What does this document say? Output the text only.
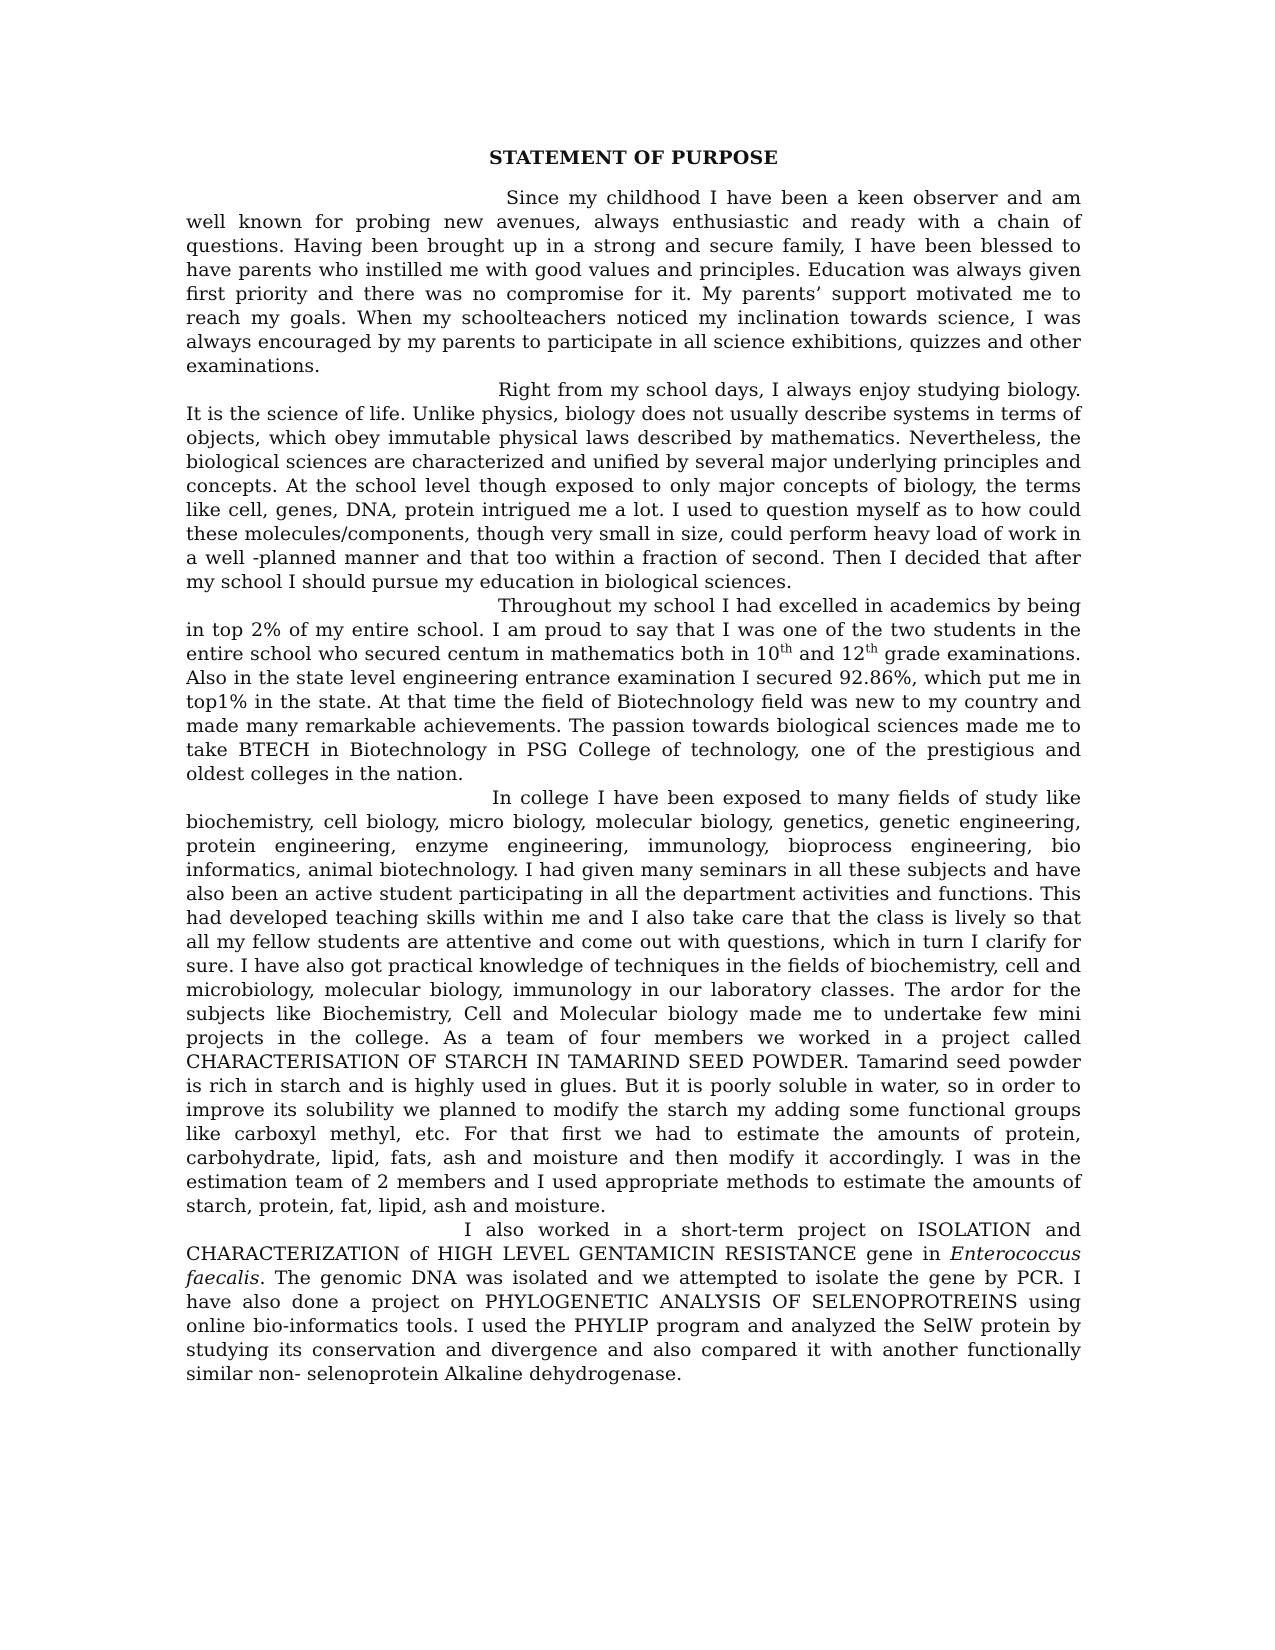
STATEMENT OF PURPOSE

Since my childhood I have been a keen observer and am well known for probing new avenues, always enthusiastic and ready with a chain of questions. Having been brought up in a strong and secure family, I have been blessed to have parents who instilled me with good values and principles. Education was always given first priority and there was no compromise for it. My parents’ support motivated me to reach my goals. When my schoolteachers noticed my inclination towards science, I was always encouraged by my parents to participate in all science exhibitions, quizzes and other examinations.

Right from my school days, I always enjoy studying biology. It is the science of life. Unlike physics, biology does not usually describe systems in terms of objects, which obey immutable physical laws described by mathematics. Nevertheless, the biological sciences are characterized and unified by several major underlying principles and concepts. At the school level though exposed to only major concepts of biology, the terms like cell, genes, DNA, protein intrigued me a lot. I used to question myself as to how could these molecules/components, though very small in size, could perform heavy load of work in a well -planned manner and that too within a fraction of second. Then I decided that after my school I should pursue my education in biological sciences.

Throughout my school I had excelled in academics by being in top 2% of my entire school. I am proud to say that I was one of the two students in the entire school who secured centum in mathematics both in 10th and 12th grade examinations. Also in the state level engineering entrance examination I secured 92.86%, which put me in top1% in the state. At that time the field of Biotechnology field was new to my country and made many remarkable achievements. The passion towards biological sciences made me to take BTECH in Biotechnology in PSG College of technology, one of the prestigious and oldest colleges in the nation.

In college I have been exposed to many fields of study like biochemistry, cell biology, micro biology, molecular biology, genetics, genetic engineering, protein engineering, enzyme engineering, immunology, bioprocess engineering, bio informatics, animal biotechnology. I had given many seminars in all these subjects and have also been an active student participating in all the department activities and functions. This had developed teaching skills within me and I also take care that the class is lively so that all my fellow students are attentive and come out with questions, which in turn I clarify for sure. I have also got practical knowledge of techniques in the fields of biochemistry, cell and microbiology, molecular biology, immunology in our laboratory classes. The ardor for the subjects like Biochemistry, Cell and Molecular biology made me to undertake few mini projects in the college. As a team of four members we worked in a project called CHARACTERISATION OF STARCH IN TAMARIND SEED POWDER. Tamarind seed powder is rich in starch and is highly used in glues. But it is poorly soluble in water, so in order to improve its solubility we planned to modify the starch my adding some functional groups like carboxyl methyl, etc. For that first we had to estimate the amounts of protein, carbohydrate, lipid, fats, ash and moisture and then modify it accordingly. I was in the estimation team of 2 members and I used appropriate methods to estimate the amounts of starch, protein, fat, lipid, ash and moisture.

I also worked in a short-term project on ISOLATION and CHARACTERIZATION of HIGH LEVEL GENTAMICIN RESISTANCE gene in Enterococcus faecalis. The genomic DNA was isolated and we attempted to isolate the gene by PCR. I have also done a project on PHYLOGENETIC ANALYSIS OF SELENOPROTREINS using online bio-informatics tools. I used the PHYLIP program and analyzed the SelW protein by studying its conservation and divergence and also compared it with another functionally similar non- selenoprotein Alkaline dehydrogenase.
